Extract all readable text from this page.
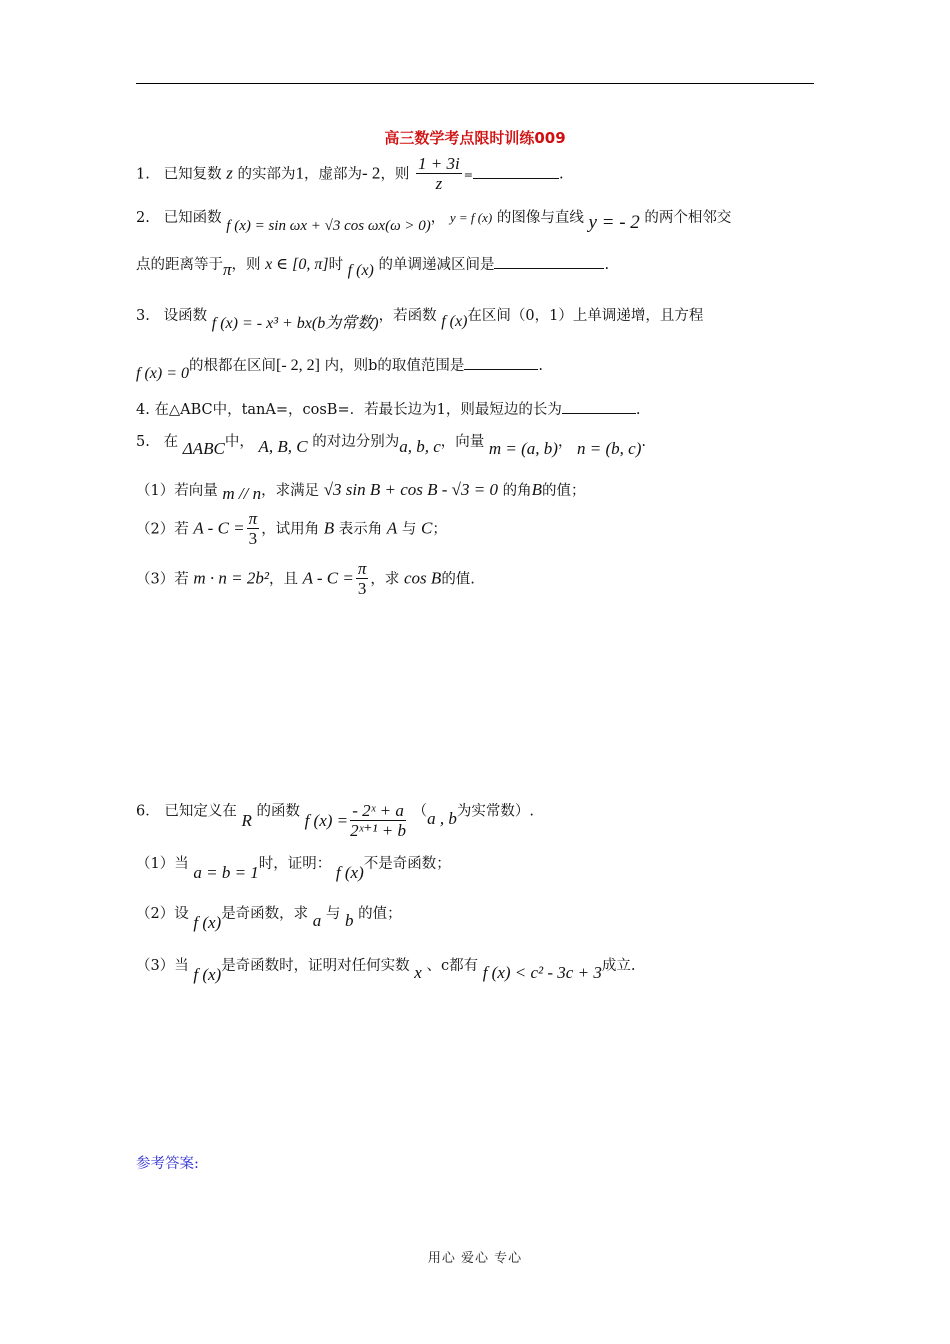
高三数学考点限时训练009
1. 已知复数 z 的实部为1，虚部为- 2，则 $\frac{1 + 3i}{z}$ =	.
2. 已知函数 f (x) = sin ωx + √3 cos ωx(ω > 0)， y = f (x) 的图像与直线 y = - 2 的两个相邻交
点的距离等于π，则 x ∈ [0, π]时 f (x) 的单调递减区间是	.
3. 设函数 f (x) = - x³ + bx(b为常数)，若函数 f (x)在区间（0，1）上单调递增，且方程
f (x) = 0的根都在区间[- 2, 2] 内，则b的取值范围是	.
4. 在△ABC中，tanA=，cosB=．若最长边为1，则最短边的长为	.
5. 在 ΔABC中， A, B, C 的对边分别为a, b, c，向量 m = (a, b)， n = (b, c).
（1）若向量 m // n，求满足 √3 sin B + cos B - √3 = 0 的角B的值；
（2）若 $A - C = \frac{\pi}{3}$ ，试用角 B 表示角 A 与 C；
（3）若 m · n = 2b²，且 $A - C = \frac{\pi}{3}$ ，求 cos B的值.
6． 已知定义在 R 的函数 f $(x) = \frac{\text{- 2ˣ + a}}{\text{2ˣ⁺¹ + b}} (a$ , b为实常数）.
（1）当 a = b = 1时，证明： f (x)不是奇函数；
（2）设 f (x)是奇函数，求 a 与 b 的值；
（3）当 f (x)是奇函数时，证明对任何实数 x 、c都有 f (x) < c² - 3c + 3成立.
参考答案:
用心 爱心 专心
